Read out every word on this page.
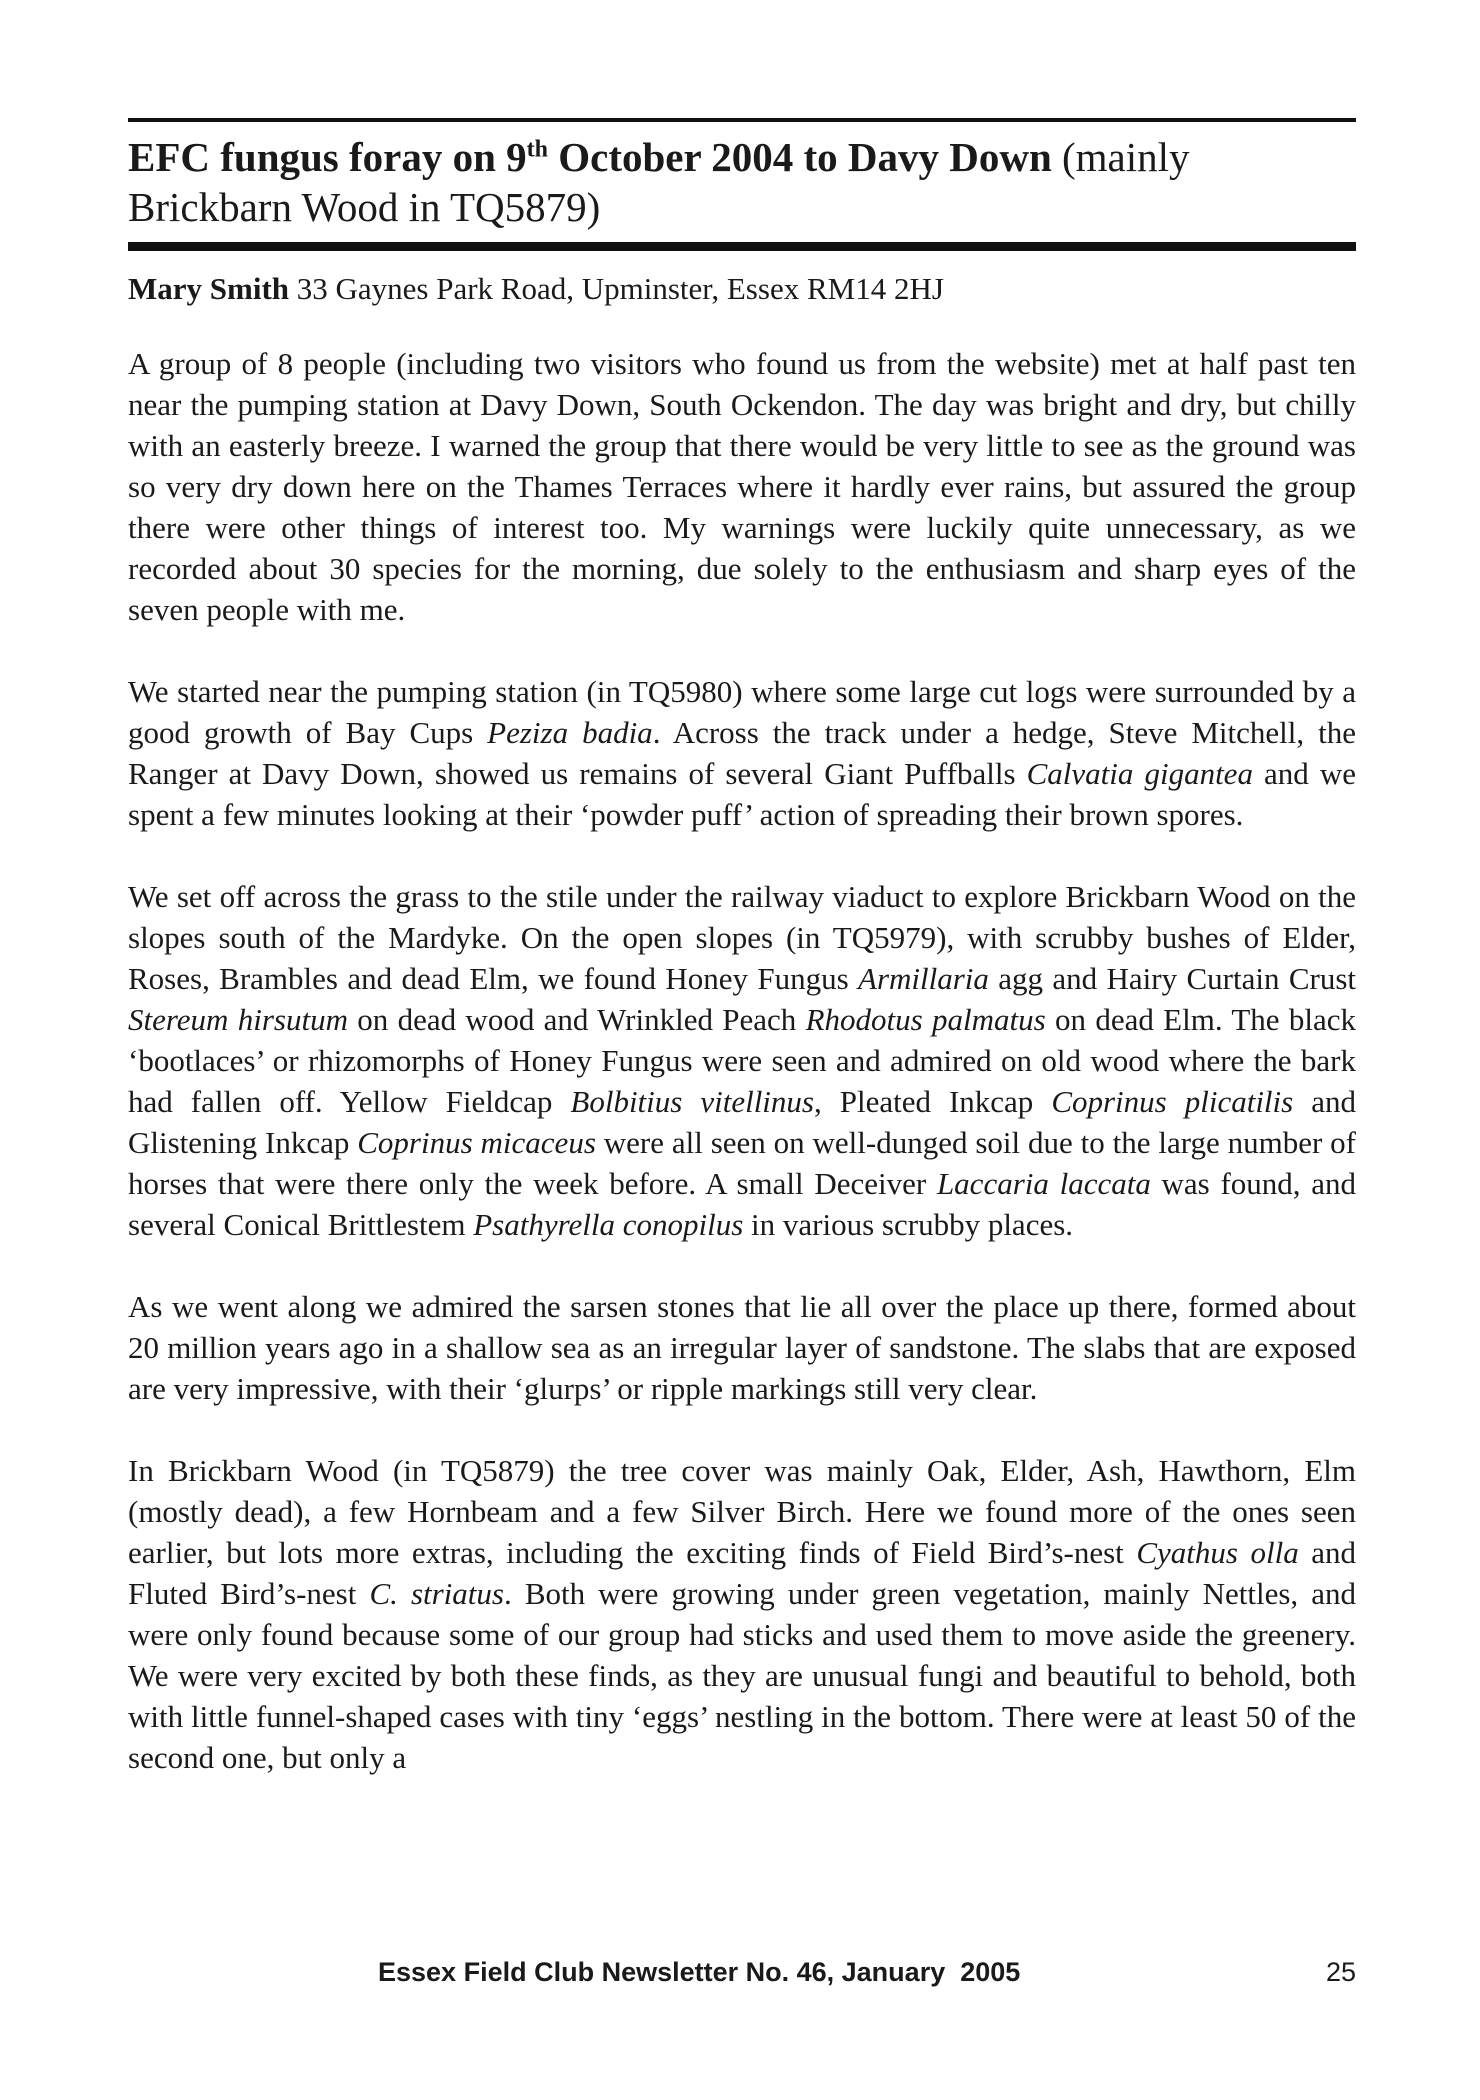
EFC fungus foray on 9th October 2004 to Davy Down (mainly Brickbarn Wood in TQ5879)
Mary Smith 33 Gaynes Park Road, Upminster, Essex RM14 2HJ

A group of 8 people (including two visitors who found us from the website) met at half past ten near the pumping station at Davy Down, South Ockendon. The day was bright and dry, but chilly with an easterly breeze. I warned the group that there would be very little to see as the ground was so very dry down here on the Thames Terraces where it hardly ever rains, but assured the group there were other things of interest too. My warnings were luckily quite unnecessary, as we recorded about 30 species for the morning, due solely to the enthusiasm and sharp eyes of the seven people with me.

We started near the pumping station (in TQ5980) where some large cut logs were surrounded by a good growth of Bay Cups Peziza badia. Across the track under a hedge, Steve Mitchell, the Ranger at Davy Down, showed us remains of several Giant Puffballs Calvatia gigantea and we spent a few minutes looking at their ‘powder puff’ action of spreading their brown spores.

We set off across the grass to the stile under the railway viaduct to explore Brickbarn Wood on the slopes south of the Mardyke. On the open slopes (in TQ5979), with scrubby bushes of Elder, Roses, Brambles and dead Elm, we found Honey Fungus Armillaria agg and Hairy Curtain Crust Stereum hirsutum on dead wood and Wrinkled Peach Rhodotus palmatus on dead Elm. The black ‘bootlaces’ or rhizomorphs of Honey Fungus were seen and admired on old wood where the bark had fallen off. Yellow Fieldcap Bolbitius vitellinus, Pleated Inkcap Coprinus plicatilis and Glistening Inkcap Coprinus micaceus were all seen on well-dunged soil due to the large number of horses that were there only the week before. A small Deceiver Laccaria laccata was found, and several Conical Brittlestem Psathyrella conopilus in various scrubby places.

As we went along we admired the sarsen stones that lie all over the place up there, formed about 20 million years ago in a shallow sea as an irregular layer of sandstone. The slabs that are exposed are very impressive, with their ‘glurps’ or ripple markings still very clear.

In Brickbarn Wood (in TQ5879) the tree cover was mainly Oak, Elder, Ash, Hawthorn, Elm (mostly dead), a few Hornbeam and a few Silver Birch. Here we found more of the ones seen earlier, but lots more extras, including the exciting finds of Field Bird’s-nest Cyathus olla and Fluted Bird’s-nest C. striatus. Both were growing under green vegetation, mainly Nettles, and were only found because some of our group had sticks and used them to move aside the greenery. We were very excited by both these finds, as they are unusual fungi and beautiful to behold, both with little funnel-shaped cases with tiny ‘eggs’ nestling in the bottom. There were at least 50 of the second one, but only a

Essex Field Club Newsletter No. 46, January  2005	25
